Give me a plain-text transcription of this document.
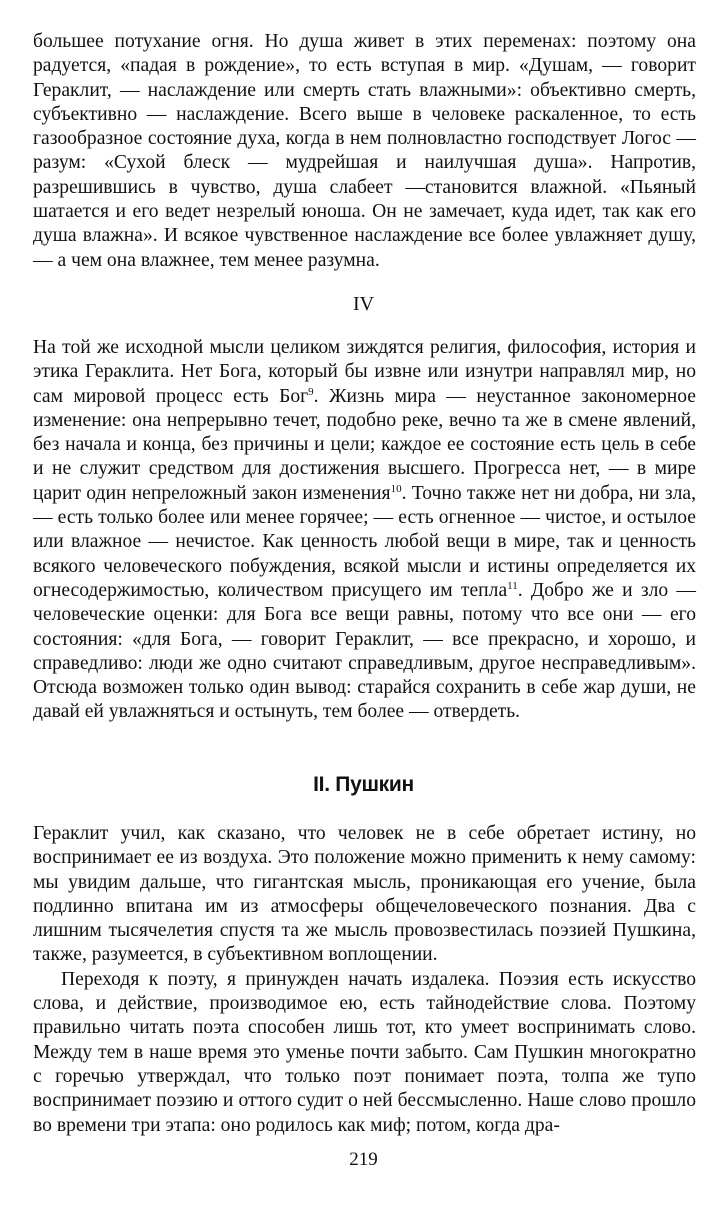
большее потухание огня. Но душа живет в этих переменах: поэтому она радуется, «падая в рождение», то есть вступая в мир. «Душам, — говорит Гераклит, — наслаждение или смерть стать влажными»: объективно смерть, субъективно — наслаждение. Всего выше в человеке раскаленное, то есть газообразное состояние духа, когда в нем полновластно господствует Логос — разум: «Сухой блеск — мудрейшая и наилучшая душа». Напротив, разрешившись в чувство, душа слабеет —становится влажной. «Пьяный шатается и его ведет незрелый юноша. Он не замечает, куда идет, так как его душа влажна». И всякое чувственное наслаждение все более увлажняет душу, — а чем она влажнее, тем менее разумна.

IV

На той же исходной мысли целиком зиждятся религия, философия, история и этика Гераклита. Нет Бога, который бы извне или изнутри направлял мир, но сам мировой процесс есть Бог$^9$. Жизнь мира — неустанное закономерное изменение: она непрерывно течет, подобно реке, вечно та же в смене явлений, без начала и конца, без причины и цели; каждое ее состояние есть цель в себе и не служит средством для достижения высшего. Прогресса нет, — в мире царит один непреложный закон изменения$^{10}$. Точно также нет ни добра, ни зла, — есть только более или менее горячее; — есть огненное — чистое, и остылое или влажное — нечистое. Как ценность любой вещи в мире, так и ценность всякого человеческого побуждения, всякой мысли и истины определяется их огнесодержимостью, количеством присущего им тепла$^{11}$. Добро же и зло — человеческие оценки: для Бога все вещи равны, потому что все они — его состояния: «для Бога, — говорит Гераклит, — все прекрасно, и хорошо, и справедливо: люди же одно считают справедливым, другое несправедливым». Отсюда возможен только один вывод: старайся сохранить в себе жар души, не давай ей увлажняться и остынуть, тем более — отвердеть.

II. Пушкин

Гераклит учил, как сказано, что человек не в себе обретает истину, но воспринимает ее из воздуха. Это положение можно применить к нему самому: мы увидим дальше, что гигантская мысль, проникающая его учение, была подлинно впитана им из атмосферы общечеловеческого познания. Два с лишним тысячелетия спустя та же мысль провозвестилась поэзией Пушкина, также, разумеется, в субъективном воплощении.

Переходя к поэту, я принужден начать издалека. Поэзия есть искусство слова, и действие, производимое ею, есть тайнодействие слова. Поэтому правильно читать поэта способен лишь тот, кто умеет воспринимать слово. Между тем в наше время это уменье почти забыто. Сам Пушкин многократно с горечью утверждал, что только поэт понимает поэта, толпа же тупо воспринимает поэзию и оттого судит о ней бессмысленно. Наше слово прошло во времени три этапа: оно родилось как миф; потом, когда дра-

219
